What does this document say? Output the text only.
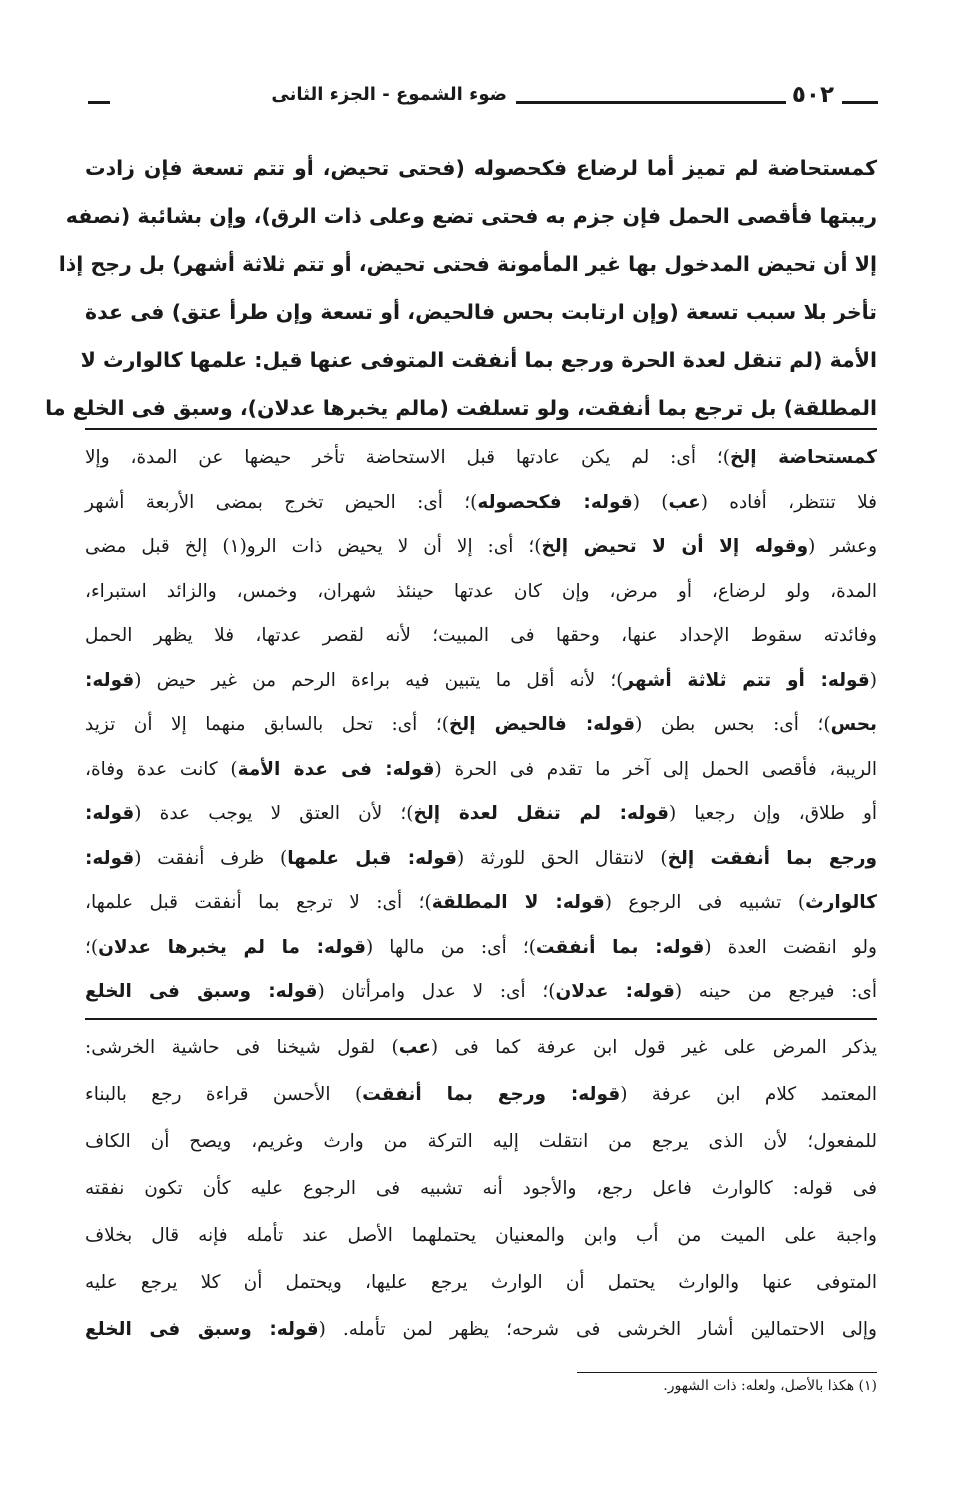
٥٠٢
ضوء الشموع - الجزء الثانى
كمستحاضة لم تميز أما لرضاع فكحصوله (فحتى تحيض، أو تتم تسعة فإن زادت
ريبتها فأقصى الحمل فإن جزم به فحتى تضع وعلى ذات الرق)، وإن بشائبة (نصفه
إلا أن تحيض المدخول بها غير المأمونة فحتى تحيض، أو تتم ثلاثة أشهر) بل رجح إذا
تأخر بلا سبب تسعة (وإن ارتابت بحس فالحيض، أو تسعة وإن طرأ عتق) فى عدة
الأمة (لم تنقل لعدة الحرة ورجع بما أنفقت المتوفى عنها قيل: علمها كالوارث لا
المطلقة) بل ترجع بما أنفقت، ولو تسلفت (مالم يخبرها عدلان)، وسبق فى الخلع ما
كمستحاضة إلخ)؛ أى: لم يكن عادتها قبل الاستحاضة تأخر حيضها عن المدة، وإلا
فلا تنتظر، أفاده (عب) (قوله: فكحصوله)؛ أى: الحيض تخرج بمضى الأربعة أشهر
وعشر (وقوله إلا أن لا تحيض إلخ)؛ أى: إلا أن لا يحيض ذات الرو(١) إلخ قبل مضى
المدة، ولو لرضاع، أو مرض، وإن كان عدتها حينئذ شهران، وخمس، والزائد استبراء،
وفائدته سقوط الإحداد عنها، وحقها فى المبيت؛ لأنه لقصر عدتها، فلا يظهر الحمل
(قوله: أو تتم ثلاثة أشهر)؛ لأنه أقل ما يتبين فيه براءة الرحم من غير حيض (قوله:
بحس)؛ أى: بحس بطن (قوله: فالحيض إلخ)؛ أى: تحل بالسابق منهما إلا أن تزيد
الريبة، فأقصى الحمل إلى آخر ما تقدم فى الحرة (قوله: فى عدة الأمة) كانت عدة وفاة،
أو طلاق، وإن رجعيا (قوله: لم تنقل لعدة إلخ)؛ لأن العتق لا يوجب عدة (قوله:
ورجع بما أنفقت إلخ) لانتقال الحق للورثة (قوله: قبل علمها) ظرف أنفقت (قوله:
كالوارث) تشبيه فى الرجوع (قوله: لا المطلقة)؛ أى: لا ترجع بما أنفقت قبل علمها،
ولو انقضت العدة (قوله: بما أنفقت)؛ أى: من مالها (قوله: ما لم يخبرها عدلان)؛
أى: فيرجع من حينه (قوله: عدلان)؛ أى: لا عدل وامرأتان (قوله: وسبق فى الخلع
يذكر المرض على غير قول ابن عرفة كما فى (عب) لقول شيخنا فى حاشية الخرشى:
المعتمد كلام ابن عرفة (قوله: ورجع بما أنفقت) الأحسن قراءة رجع بالبناء
للمفعول؛ لأن الذى يرجع من انتقلت إليه التركة من وارث وغريم، ويصح أن الكاف
فى قوله: كالوارث فاعل رجع، والأجود أنه تشبيه فى الرجوع عليه كأن تكون نفقته
واجبة على الميت من أب وابن والمعنيان يحتملهما الأصل عند تأمله فإنه قال بخلاف
المتوفى عنها والوارث يحتمل أن الوارث يرجع عليها، ويحتمل أن كلا يرجع عليه
وإلى الاحتمالين أشار الخرشى فى شرحه؛ يظهر لمن تأمله. (قوله: وسبق فى الخلع
(١) هكذا بالأصل، ولعله: ذات الشهور.
